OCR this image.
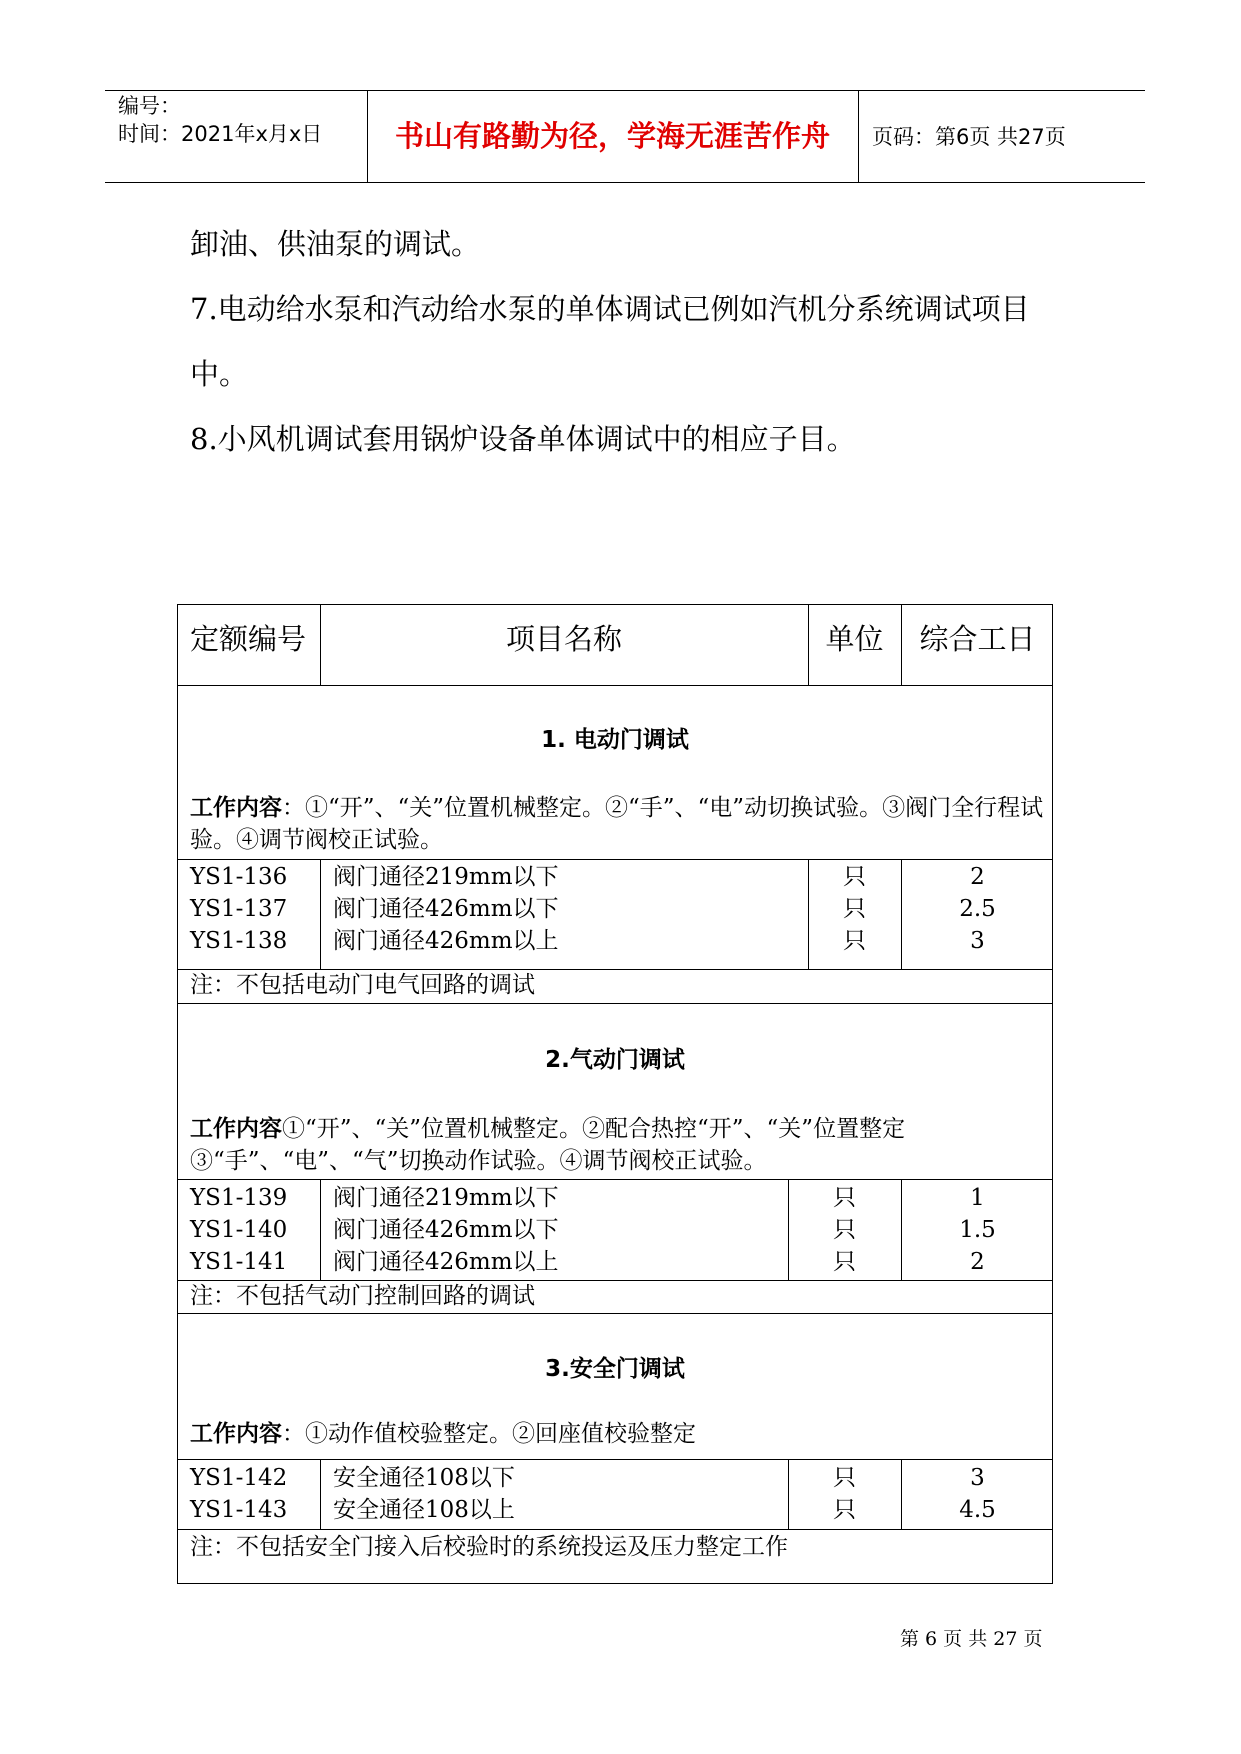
编号：
时间：2021年x月x日	书山有路勤为径，学海无涯苦作舟	页码：第6页 共27页
卸油、供油泵的调试。
7.电动给水泵和汽动给水泵的单体调试已例如汽机分系统调试项目
中。
8.小风机调试套用锅炉设备单体调试中的相应子目。
定额编号	项目名称	单位	综合工日
1. 电动门调试
工作内容：①“开”、“关”位置机械整定。②“手”、“电”动切换试验。③阀门全行程试验。④调节阀校正试验。
YS1-136 阀门通径219mm以下	只	2
YS1-137 阀门通径426mm以下	只	2.5
YS1-138 阀门通径426mm以上	只	3
注：不包括电动门电气回路的调试
2.气动门调试
工作内容①“开”、“关”位置机械整定。②配合热控“开”、“关”位置整定③“手”、“电”、“气”切换动作试验。④调节阀校正试验。
YS1-139 阀门通径219mm以下	只	1
YS1-140 阀门通径426mm以下	只	1.5
YS1-141 阀门通径426mm以上	只	2
注：不包括气动门控制回路的调试
3.安全门调试
工作内容：①动作值校验整定。②回座值校验整定
YS1-142 安全通径108以下	只	3
YS1-143 安全通径108以上	只	4.5
注：不包括安全门接入后校验时的系统投运及压力整定工作
第 6 页 共 27 页
